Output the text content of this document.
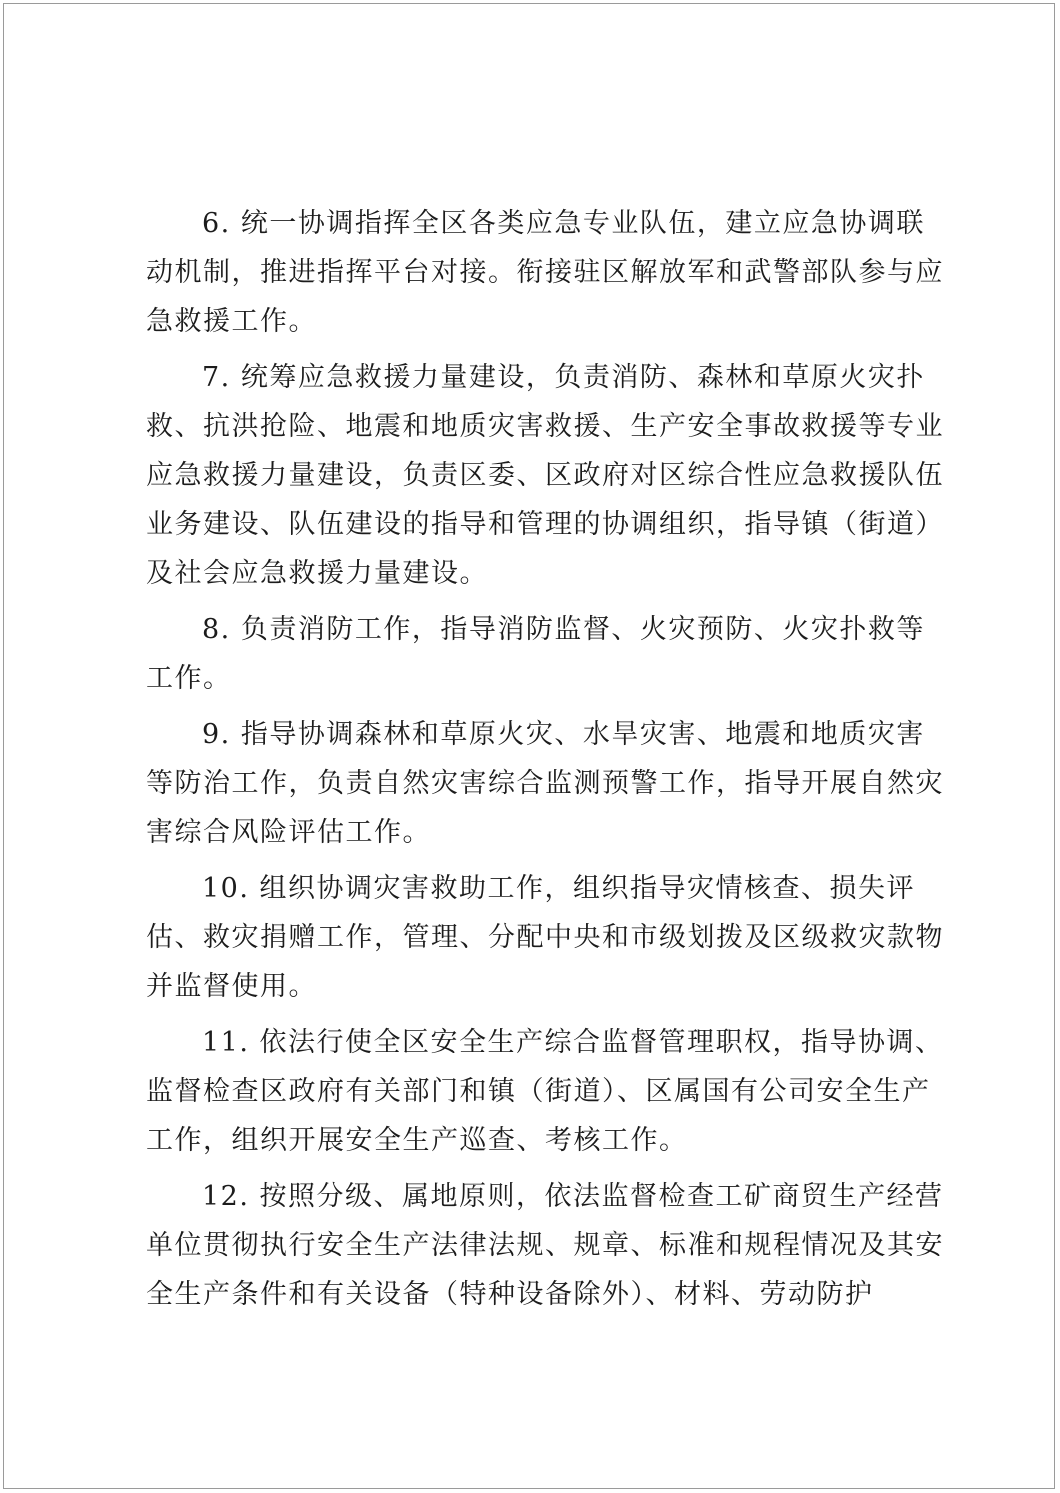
6. 统一协调指挥全区各类应急专业队伍，建立应急协调联动机制，推进指挥平台对接。衔接驻区解放军和武警部队参与应急救援工作。

7. 统筹应急救援力量建设，负责消防、森林和草原火灾扑救、抗洪抢险、地震和地质灾害救援、生产安全事故救援等专业应急救援力量建设，负责区委、区政府对区综合性应急救援队伍业务建设、队伍建设的指导和管理的协调组织，指导镇（街道）及社会应急救援力量建设。

8. 负责消防工作，指导消防监督、火灾预防、火灾扑救等工作。

9. 指导协调森林和草原火灾、水旱灾害、地震和地质灾害等防治工作，负责自然灾害综合监测预警工作，指导开展自然灾害综合风险评估工作。

10. 组织协调灾害救助工作，组织指导灾情核查、损失评估、救灾捐赠工作，管理、分配中央和市级划拨及区级救灾款物并监督使用。

11. 依法行使全区安全生产综合监督管理职权，指导协调、监督检查区政府有关部门和镇（街道）、区属国有公司安全生产工作，组织开展安全生产巡查、考核工作。

12. 按照分级、属地原则，依法监督检查工矿商贸生产经营单位贯彻执行安全生产法律法规、规章、标准和规程情况及其安全生产条件和有关设备（特种设备除外）、材料、劳动防护
